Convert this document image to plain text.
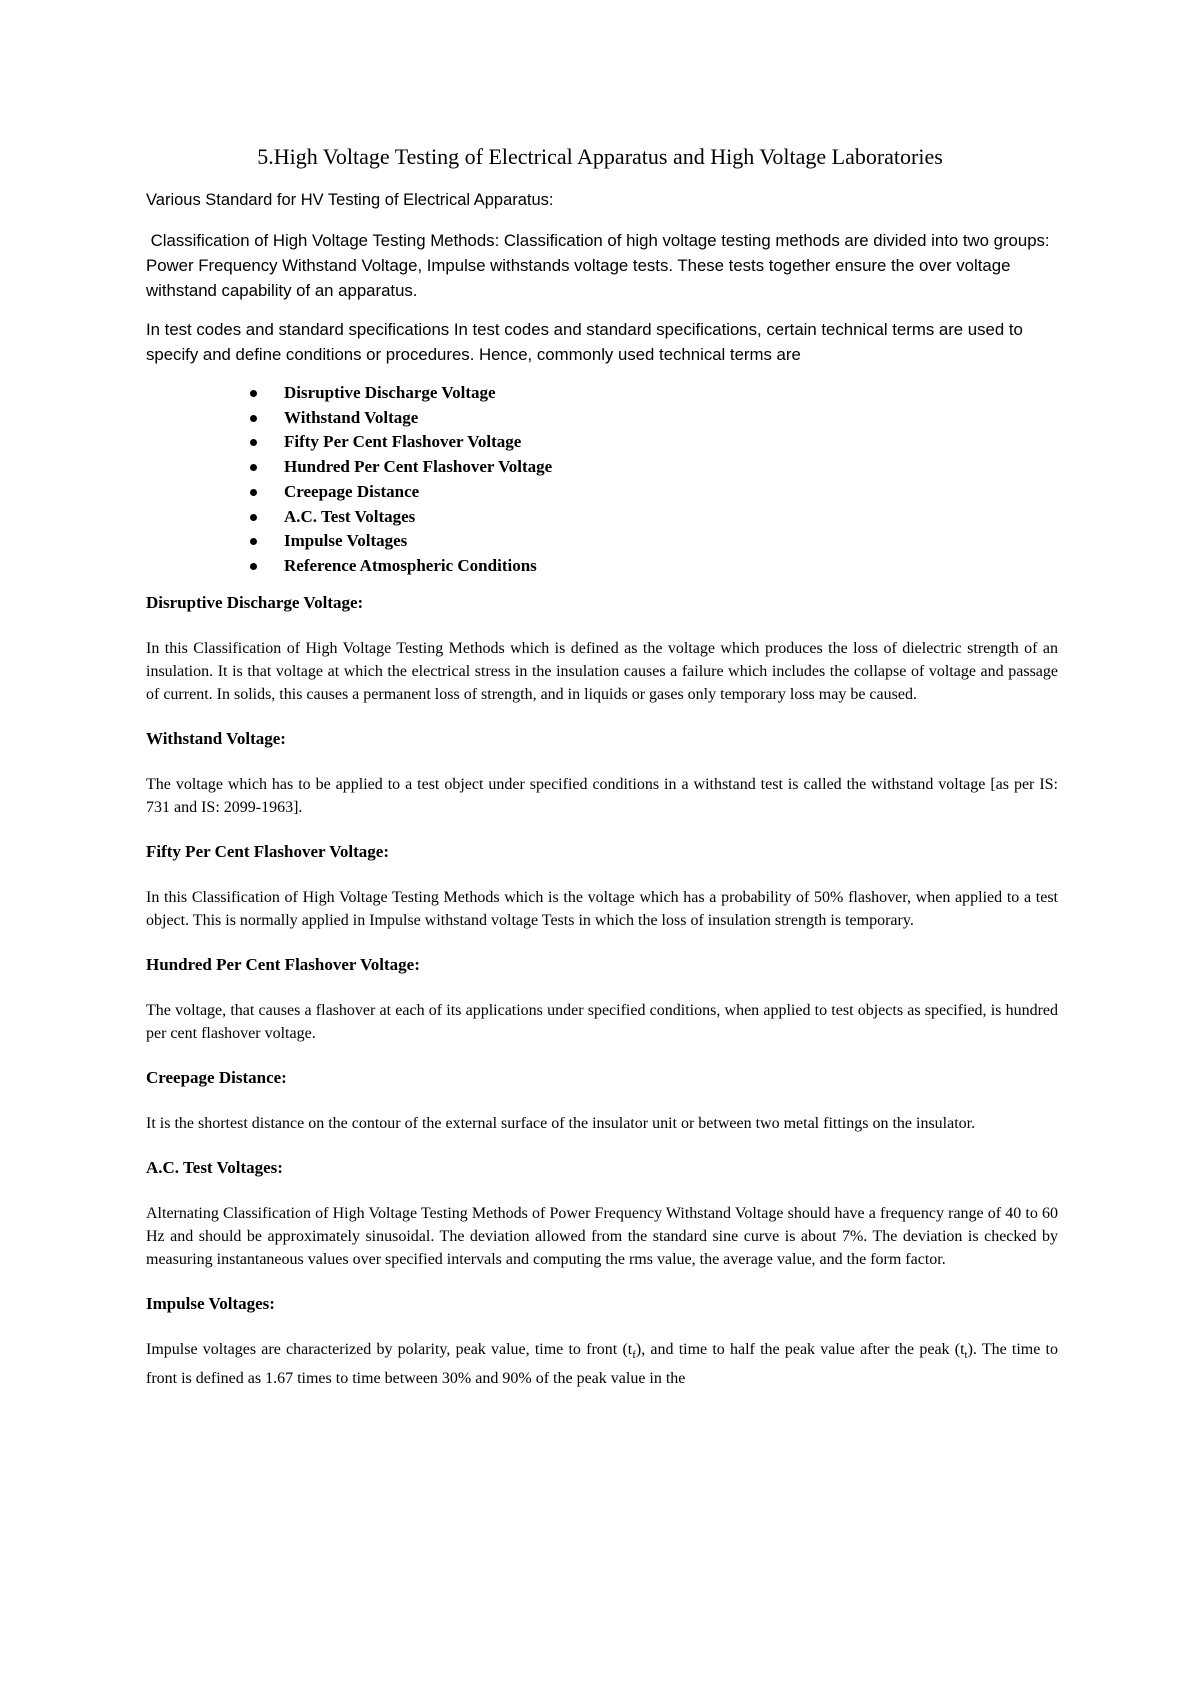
5.High Voltage Testing of Electrical Apparatus and High Voltage Laboratories

Various Standard for HV Testing of Electrical Apparatus:

Classification of High Voltage Testing Methods: Classification of high voltage testing methods are divided into two groups: Power Frequency Withstand Voltage, Impulse withstands voltage tests. These tests together ensure the over voltage withstand capability of an apparatus.

In test codes and standard specifications In test codes and standard specifications, certain technical terms are used to specify and define conditions or procedures. Hence, commonly used technical terms are

Disruptive Discharge Voltage
Withstand Voltage
Fifty Per Cent Flashover Voltage
Hundred Per Cent Flashover Voltage
Creepage Distance
A.C. Test Voltages
Impulse Voltages
Reference Atmospheric Conditions

Disruptive Discharge Voltage:

In this Classification of High Voltage Testing Methods which is defined as the voltage which produces the loss of dielectric strength of an insulation. It is that voltage at which the electrical stress in the insulation causes a failure which includes the collapse of voltage and passage of current. In solids, this causes a permanent loss of strength, and in liquids or gases only temporary loss may be caused.

Withstand Voltage:

The voltage which has to be applied to a test object under specified conditions in a withstand test is called the withstand voltage [as per IS: 731 and IS: 2099-1963].

Fifty Per Cent Flashover Voltage:

In this Classification of High Voltage Testing Methods which is the voltage which has a probability of 50% flashover, when applied to a test object. This is normally applied in Impulse withstand voltage Tests in which the loss of insulation strength is temporary.

Hundred Per Cent Flashover Voltage:

The voltage, that causes a flashover at each of its applications under specified conditions, when applied to test objects as specified, is hundred per cent flashover voltage.

Creepage Distance:

It is the shortest distance on the contour of the external surface of the insulator unit or between two metal fittings on the insulator.

A.C. Test Voltages:

Alternating Classification of High Voltage Testing Methods of Power Frequency Withstand Voltage should have a frequency range of 40 to 60 Hz and should be approximately sinusoidal. The deviation allowed from the standard sine curve is about 7%. The deviation is checked by measuring instantaneous values over specified intervals and computing the rms value, the average value, and the form factor.

Impulse Voltages:

Impulse voltages are characterized by polarity, peak value, time to front $(t_f)$, and time to half the peak value after the peak $(t_t)$. The time to front is defined as 1.67 times to time between 30% and 90% of the peak value in the
